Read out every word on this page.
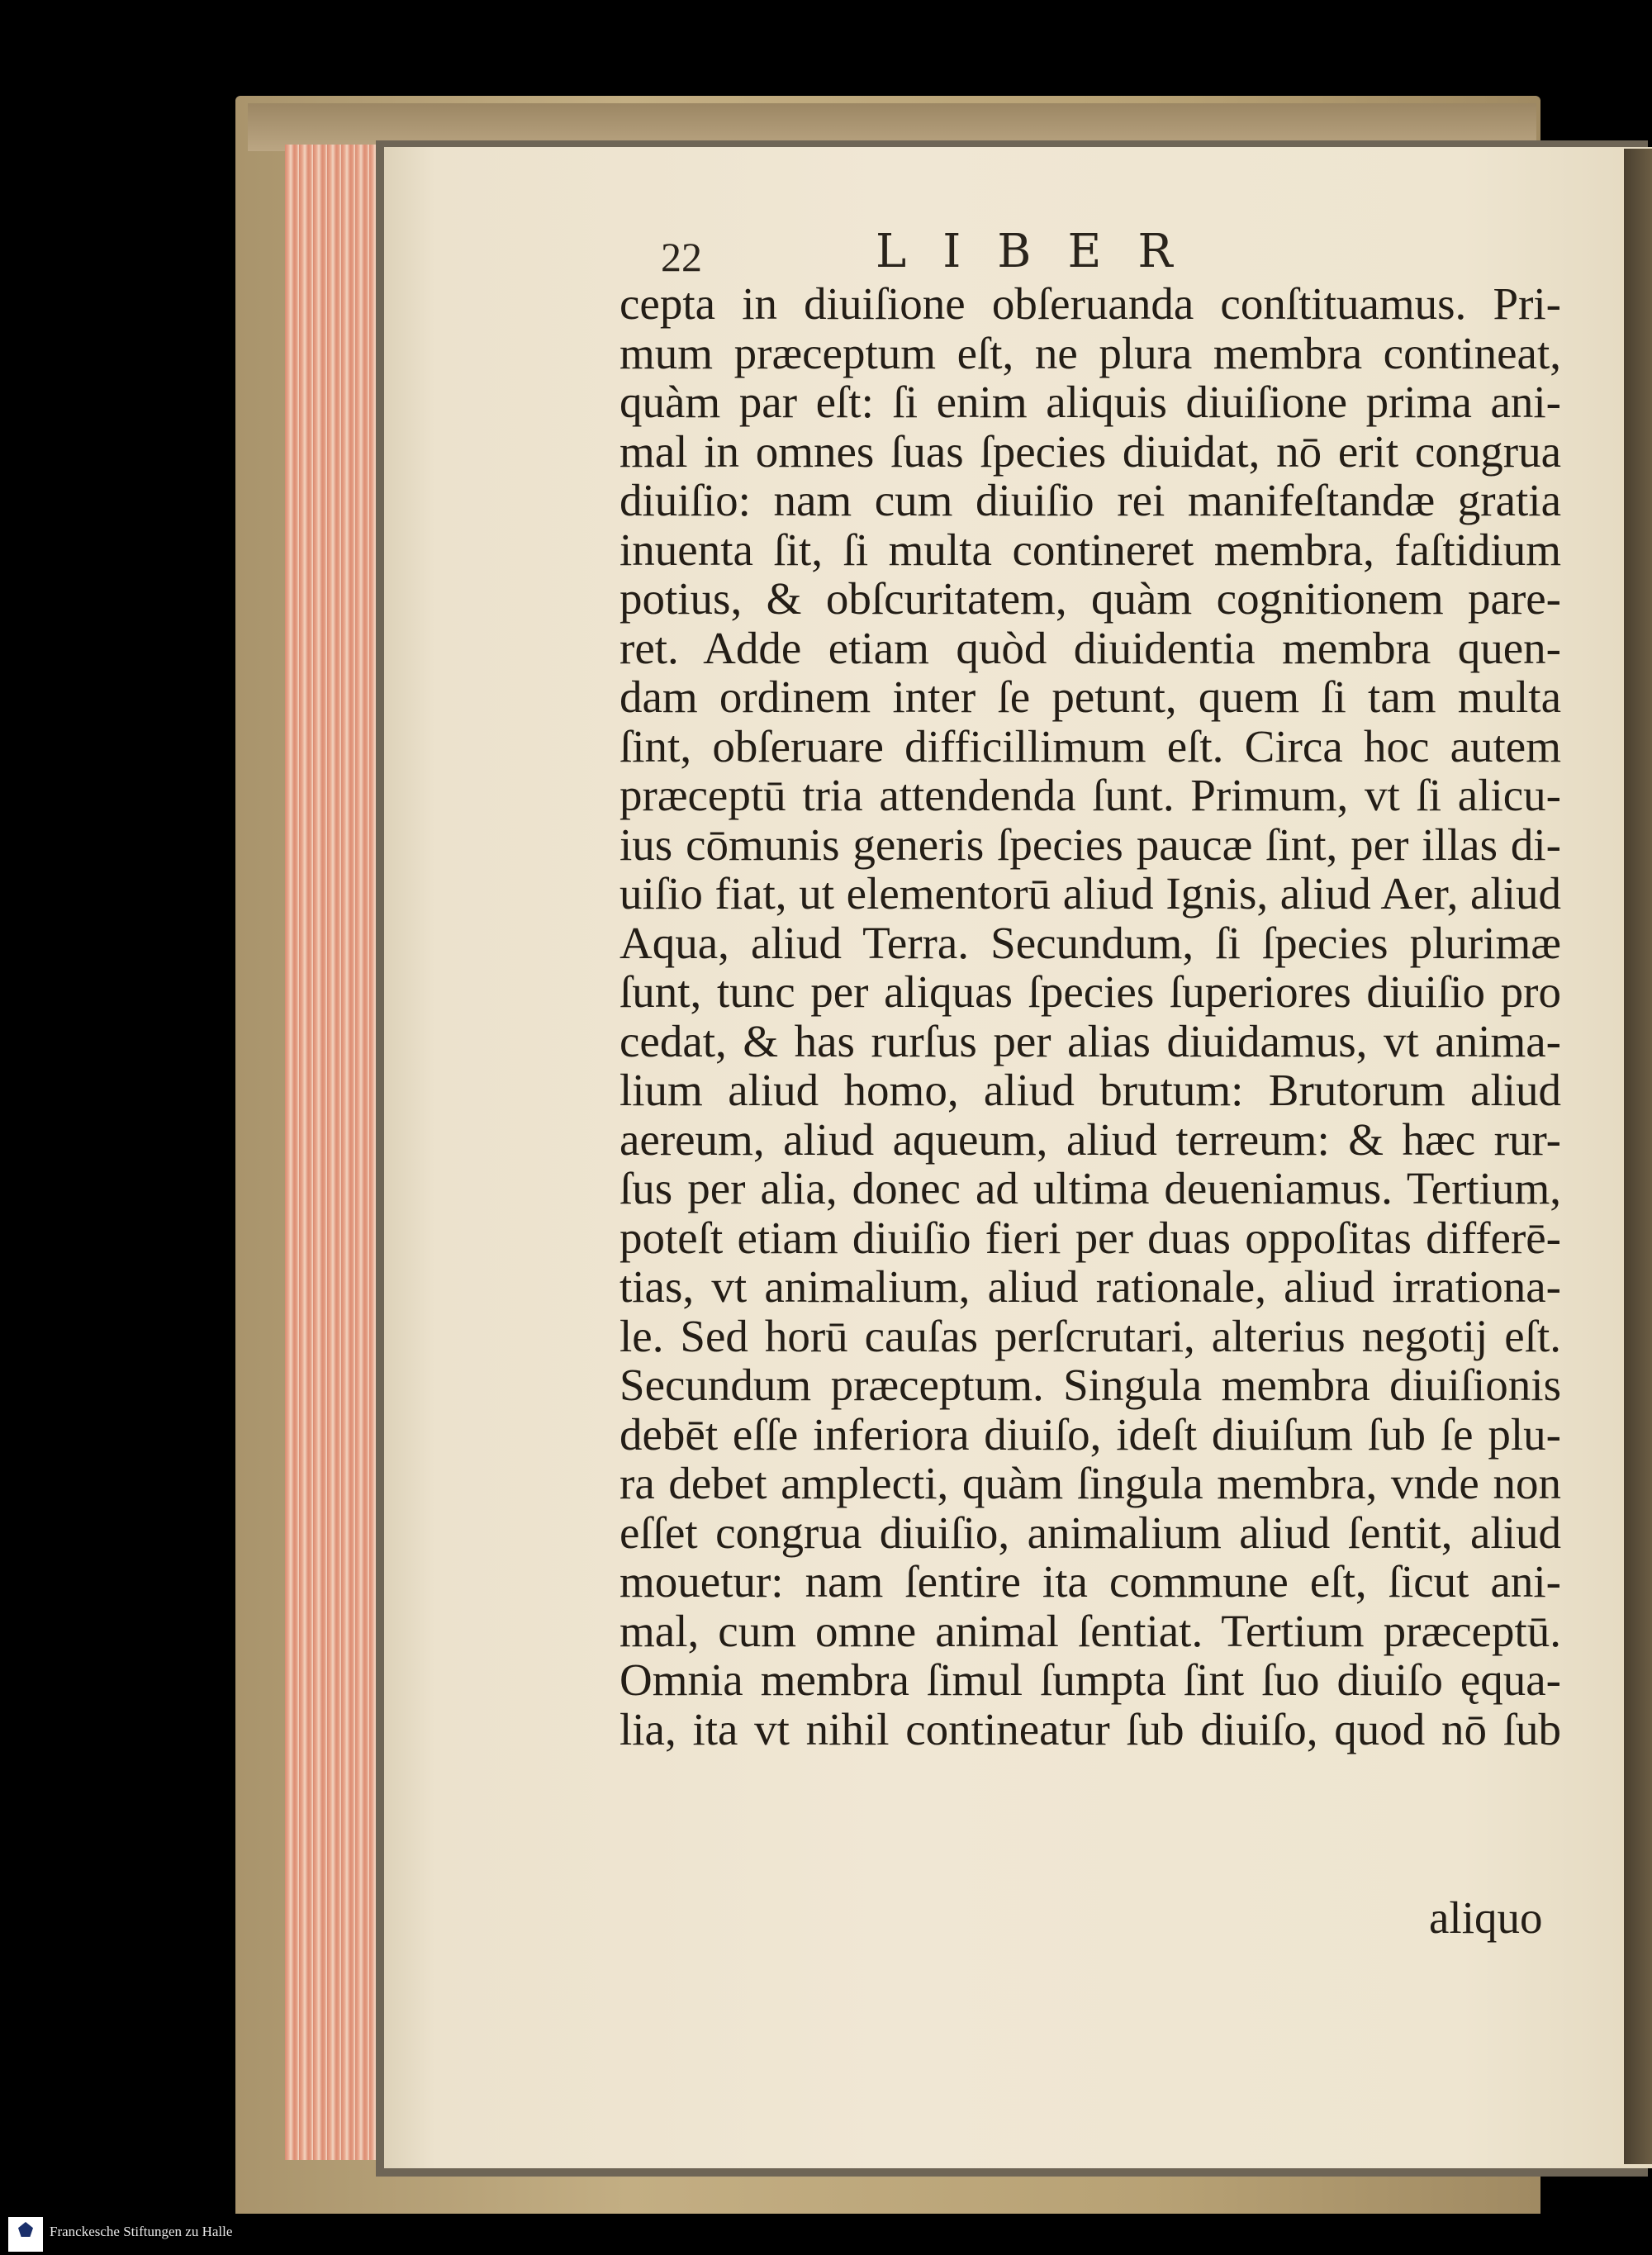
22	LIBER
cepta in diuiſione obſeruanda conſtituamus. Pri-
mum præceptum eſt, ne plura membra contineat,
quàm par eſt: ſi enim aliquis diuiſione prima ani-
mal in omnes ſuas ſpecies diuidat, nō erit congrua
diuiſio: nam cum diuiſio rei manifeſtandæ gratia
inuenta ſit, ſi multa contineret membra, faſtidium
potius, & obſcuritatem, quàm cognitionem pare-
ret. Adde etiam quòd diuidentia membra quen-
dam ordinem inter ſe petunt, quem ſi tam multa
ſint, obſeruare difficillimum eſt. Circa hoc autem
præceptū tria attendenda ſunt. Primum, vt ſi alicu-
ius cōmunis generis ſpecies paucæ ſint, per illas di-
uiſio fiat, ut elementorū aliud Ignis, aliud Aer, aliud
Aqua, aliud Terra. Secundum, ſi ſpecies plurimæ
ſunt, tunc per aliquas ſpecies ſuperiores diuiſio pro
cedat, & has rurſus per alias diuidamus, vt anima-
lium aliud homo, aliud brutum: Brutorum aliud
aereum, aliud aqueum, aliud terreum: & hæc rur-
ſus per alia, donec ad ultima deueniamus. Tertium,
poteſt etiam diuiſio fieri per duas oppoſitas differē-
tias, vt animalium, aliud rationale, aliud irrationa-
le. Sed horū cauſas perſcrutari, alterius negotij eſt.
Secundum præceptum. Singula membra diuiſionis
debēt eſſe inferiora diuiſo, ideſt diuiſum ſub ſe plu-
ra debet amplecti, quàm ſingula membra, vnde non
eſſet congrua diuiſio, animalium aliud ſentit, aliud
mouetur: nam ſentire ita commune eſt, ſicut ani-
mal, cum omne animal ſentiat. Tertium præceptū.
Omnia membra ſimul ſumpta ſint ſuo diuiſo ęqua-
lia, ita vt nihil contineatur ſub diuiſo, quod nō ſub
aliquo
Franckesche Stiftungen zu Halle
